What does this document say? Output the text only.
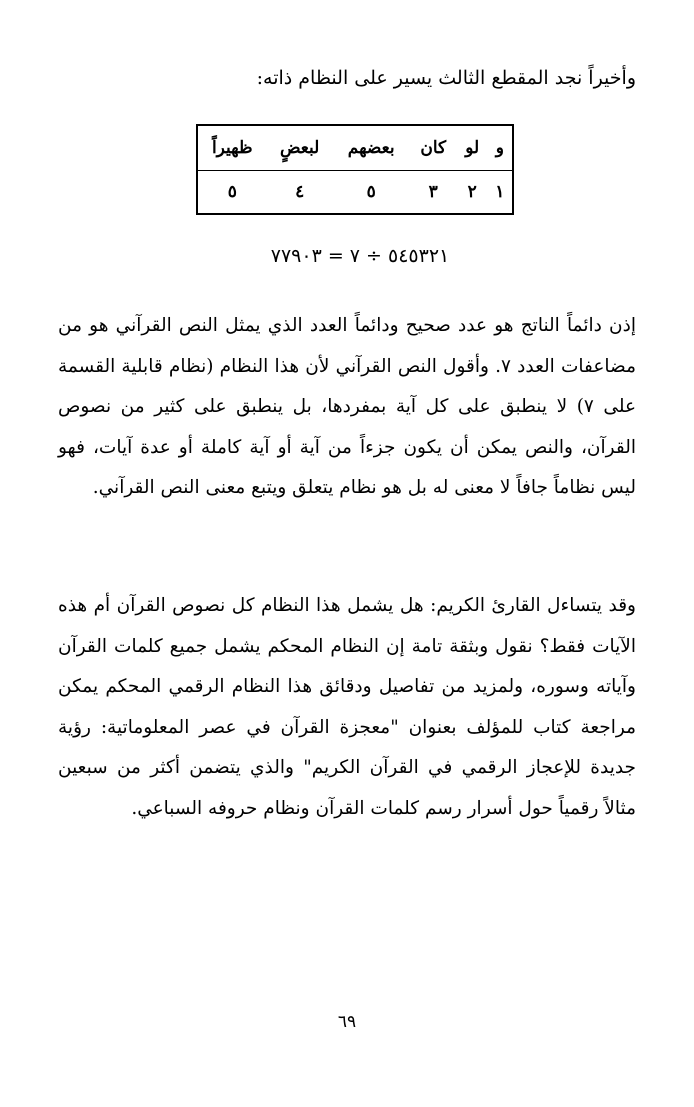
وأخيراً نجد المقطع الثالث يسير على النظام ذاته:
و	لو	كان	بعضهم	لبعضٍ	ظهيراً
١	٢	٣	٥	٤	٥
٥٤٥٣٢١ ÷ ٧ = ٧٧٩٠٣
إذن دائماً الناتج هو عدد صحيح ودائماً العدد الذي يمثل النص القرآني هو من مضاعفات العدد ٧. وأقول النص القرآني لأن هذا النظام (نظام قابلية القسمة على ٧) لا ينطبق على كل آية بمفردها، بل ينطبق على كثير من نصوص القرآن، والنص يمكن أن يكون جزءاً من آية أو آية كاملة أو عدة آيات، فهو ليس نظاماً جافاً لا معنى له بل هو نظام يتعلق ويتبع معنى النص القرآني.
وقد يتساءل القارئ الكريم: هل يشمل هذا النظام كل نصوص القرآن أم هذه الآيات فقط؟ نقول وبثقة تامة إن النظام المحكم يشمل جميع كلمات القرآن وآياته وسوره، ولمزيد من تفاصيل ودقائق هذا النظام الرقمي المحكم يمكن مراجعة كتاب للمؤلف بعنوان "معجزة القرآن في عصر المعلوماتية: رؤية جديدة للإعجاز الرقمي في القرآن الكريم" والذي يتضمن أكثر من سبعين مثالاً رقمياً حول أسرار رسم كلمات القرآن ونظام حروفه السباعي.
٦٩
